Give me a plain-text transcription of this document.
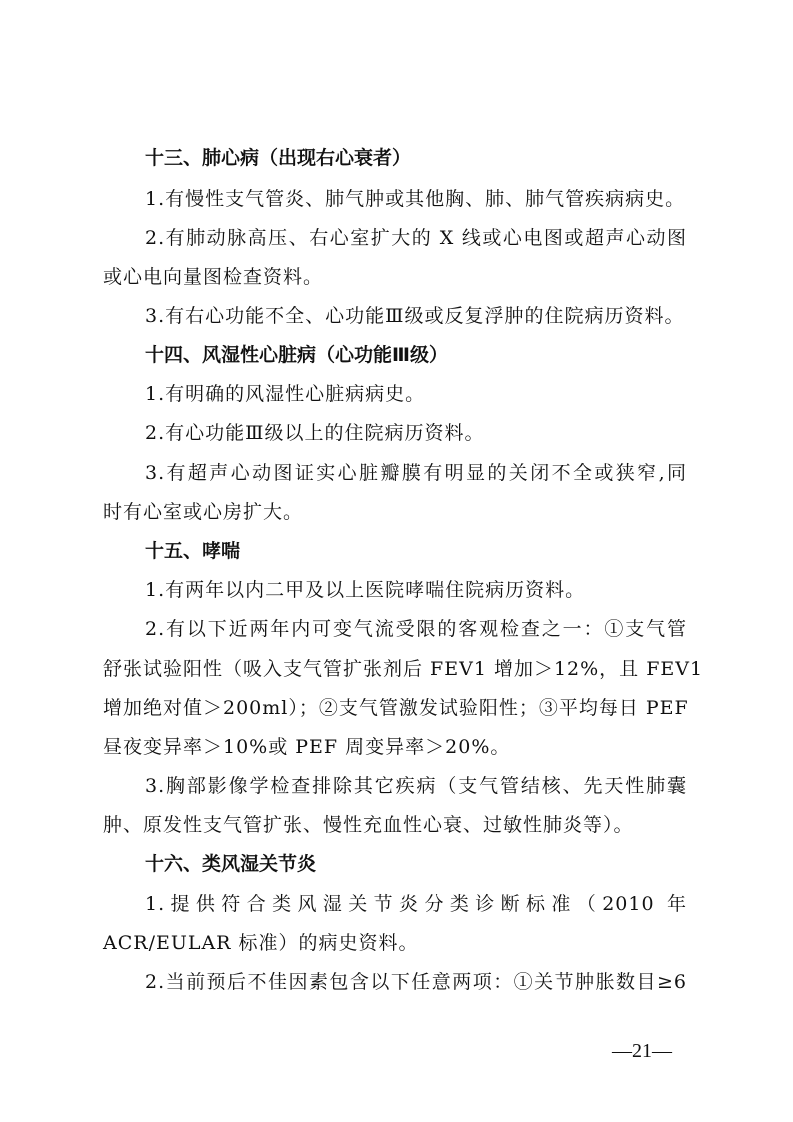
十三、肺心病（出现右心衰者）
1.有慢性支气管炎、肺气肿或其他胸、肺、肺气管疾病病史。
2.有肺动脉高压、右心室扩大的 X 线或心电图或超声心动图
或心电向量图检查资料。
3.有右心功能不全、心功能Ⅲ级或反复浮肿的住院病历资料。
十四、风湿性心脏病（心功能Ⅲ级）
1.有明确的风湿性心脏病病史。
2.有心功能Ⅲ级以上的住院病历资料。
3.有超声心动图证实心脏瓣膜有明显的关闭不全或狭窄,同
时有心室或心房扩大。
十五、哮喘
1.有两年以内二甲及以上医院哮喘住院病历资料。
2.有以下近两年内可变气流受限的客观检查之一：①支气管
舒张试验阳性（吸入支气管扩张剂后 FEV1 增加＞12%，且 FEV1
增加绝对值＞200ml）；②支气管激发试验阳性；③平均每日 PEF
昼夜变异率＞10%或 PEF 周变异率＞20%。
3.胸部影像学检查排除其它疾病（支气管结核、先天性肺囊
肿、原发性支气管扩张、慢性充血性心衰、过敏性肺炎等）。
十六、类风湿关节炎
1.提供符合类风湿关节炎分类诊断标准（2010 年
ACR/EULAR 标准）的病史资料。
2.当前预后不佳因素包含以下任意两项：①关节肿胀数目≥6
—21—
